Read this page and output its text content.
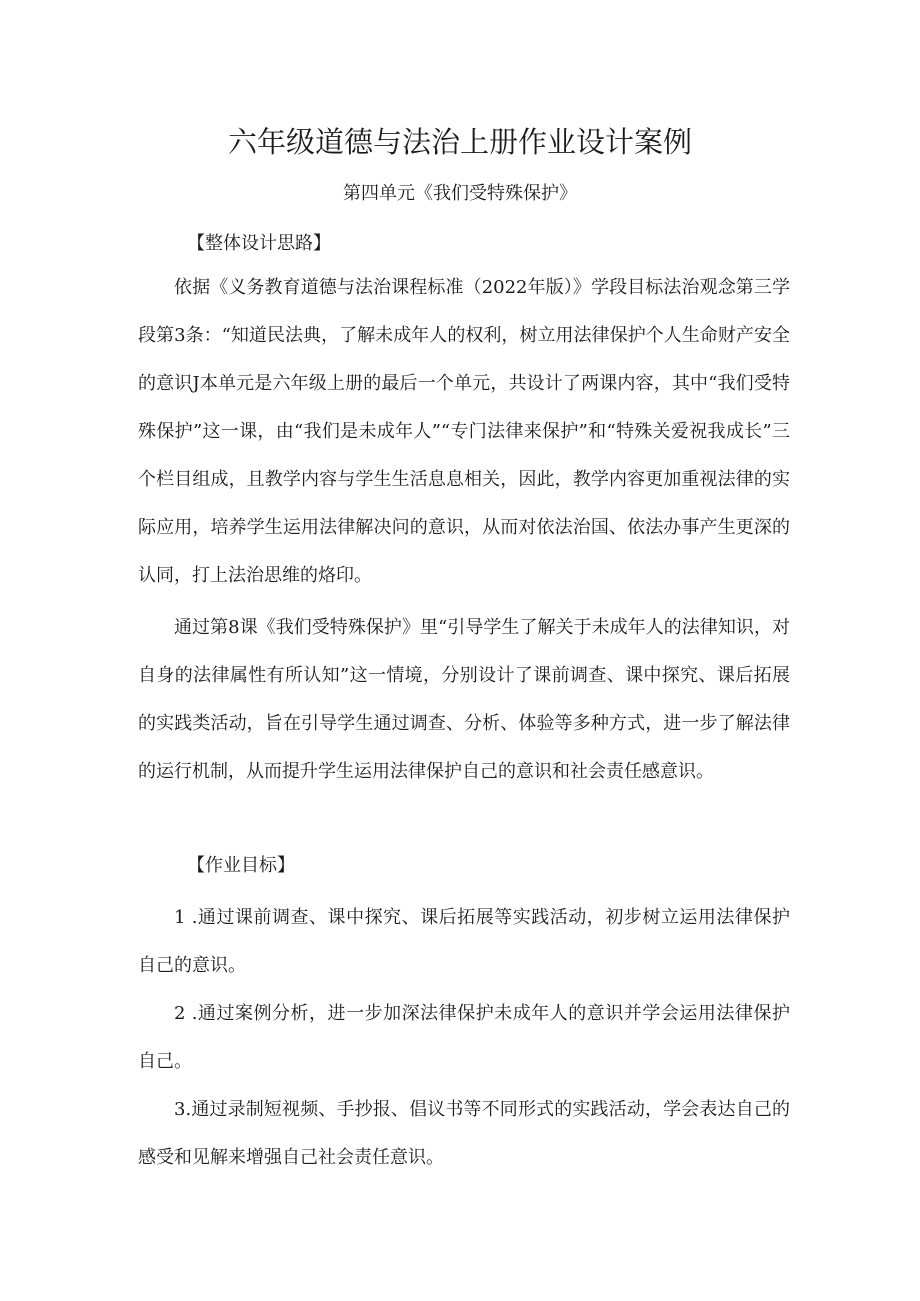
六年级道德与法治上册作业设计案例
第四单元《我们受特殊保护》
【整体设计思路】

依据《义务教育道德与法治课程标准（2022年版）》学段目标法治观念第三学段第3条：“知道民法典，了解未成年人的权利，树立用法律保护个人生命财产安全的意识J本单元是六年级上册的最后一个单元，共设计了两课内容，其中“我们受特殊保护”这一课，由“我们是未成年人”“专门法律来保护”和“特殊关爱祝我成长”三个栏目组成，且教学内容与学生生活息息相关，因此，教学内容更加重视法律的实际应用，培养学生运用法律解决问的意识，从而对依法治国、依法办事产生更深的认同，打上法治思维的烙印。

通过第8课《我们受特殊保护》里“引导学生了解关于未成年人的法律知识，对自身的法律属性有所认知”这一情境，分别设计了课前调查、课中探究、课后拓展的实践类活动，旨在引导学生通过调查、分析、体验等多种方式，进一步了解法律的运行机制，从而提升学生运用法律保护自己的意识和社会责任感意识。

【作业目标】

1 .通过课前调查、课中探究、课后拓展等实践活动，初步树立运用法律保护自己的意识。

2 .通过案例分析，进一步加深法律保护未成年人的意识并学会运用法律保护自己。

3.通过录制短视频、手抄报、倡议书等不同形式的实践活动，学会表达自己的感受和见解来增强自己社会责任意识。
